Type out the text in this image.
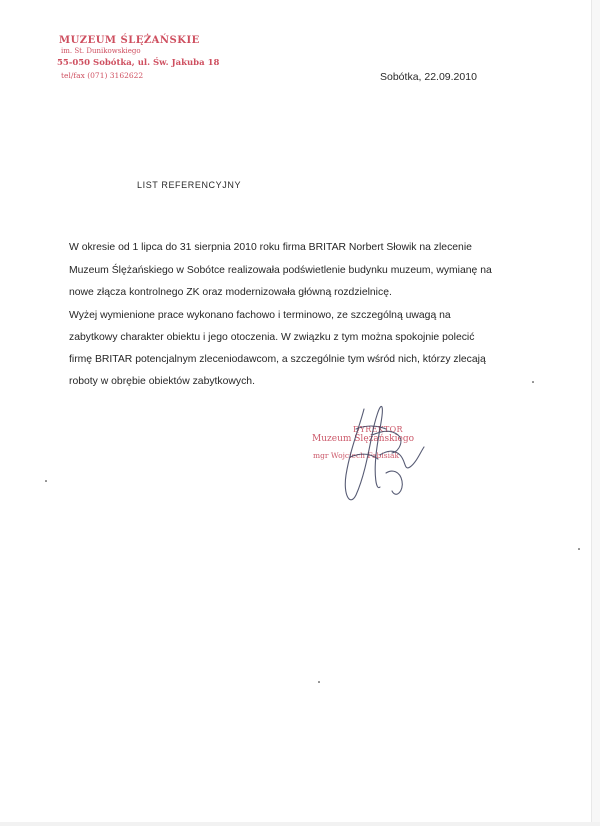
MUZEUM ŚLĘŻAŃSKIE
im. St. Dunikowskiego
55-050 Sobótka, ul. Św. Jakuba 18
tel/fax (071) 3162622	Sobótka, 22.09.2010
LIST REFERENCYJNY
W okresie od 1 lipca do 31 sierpnia 2010 roku firma BRITAR Norbert Słowik na zlecenie
Muzeum Ślężańskiego w Sobótce realizowała podświetlenie budynku muzeum, wymianę na
nowe złącza kontrolnego ZK oraz modernizowała główną rozdzielnicę.
Wyżej wymienione prace wykonano fachowo i terminowo, ze szczególną uwagą na
zabytkowy charakter obiektu i jego otoczenia. W związku z tym można spokojnie polecić
firmę BRITAR potencjalnym zleceniodawcom, a szczególnie tym wśród nich, którzy zlecają
roboty w obrębie obiektów zabytkowych.
DYREKTOR
Muzeum Ślężańskiego
mgr Wojciech Fabisiak
